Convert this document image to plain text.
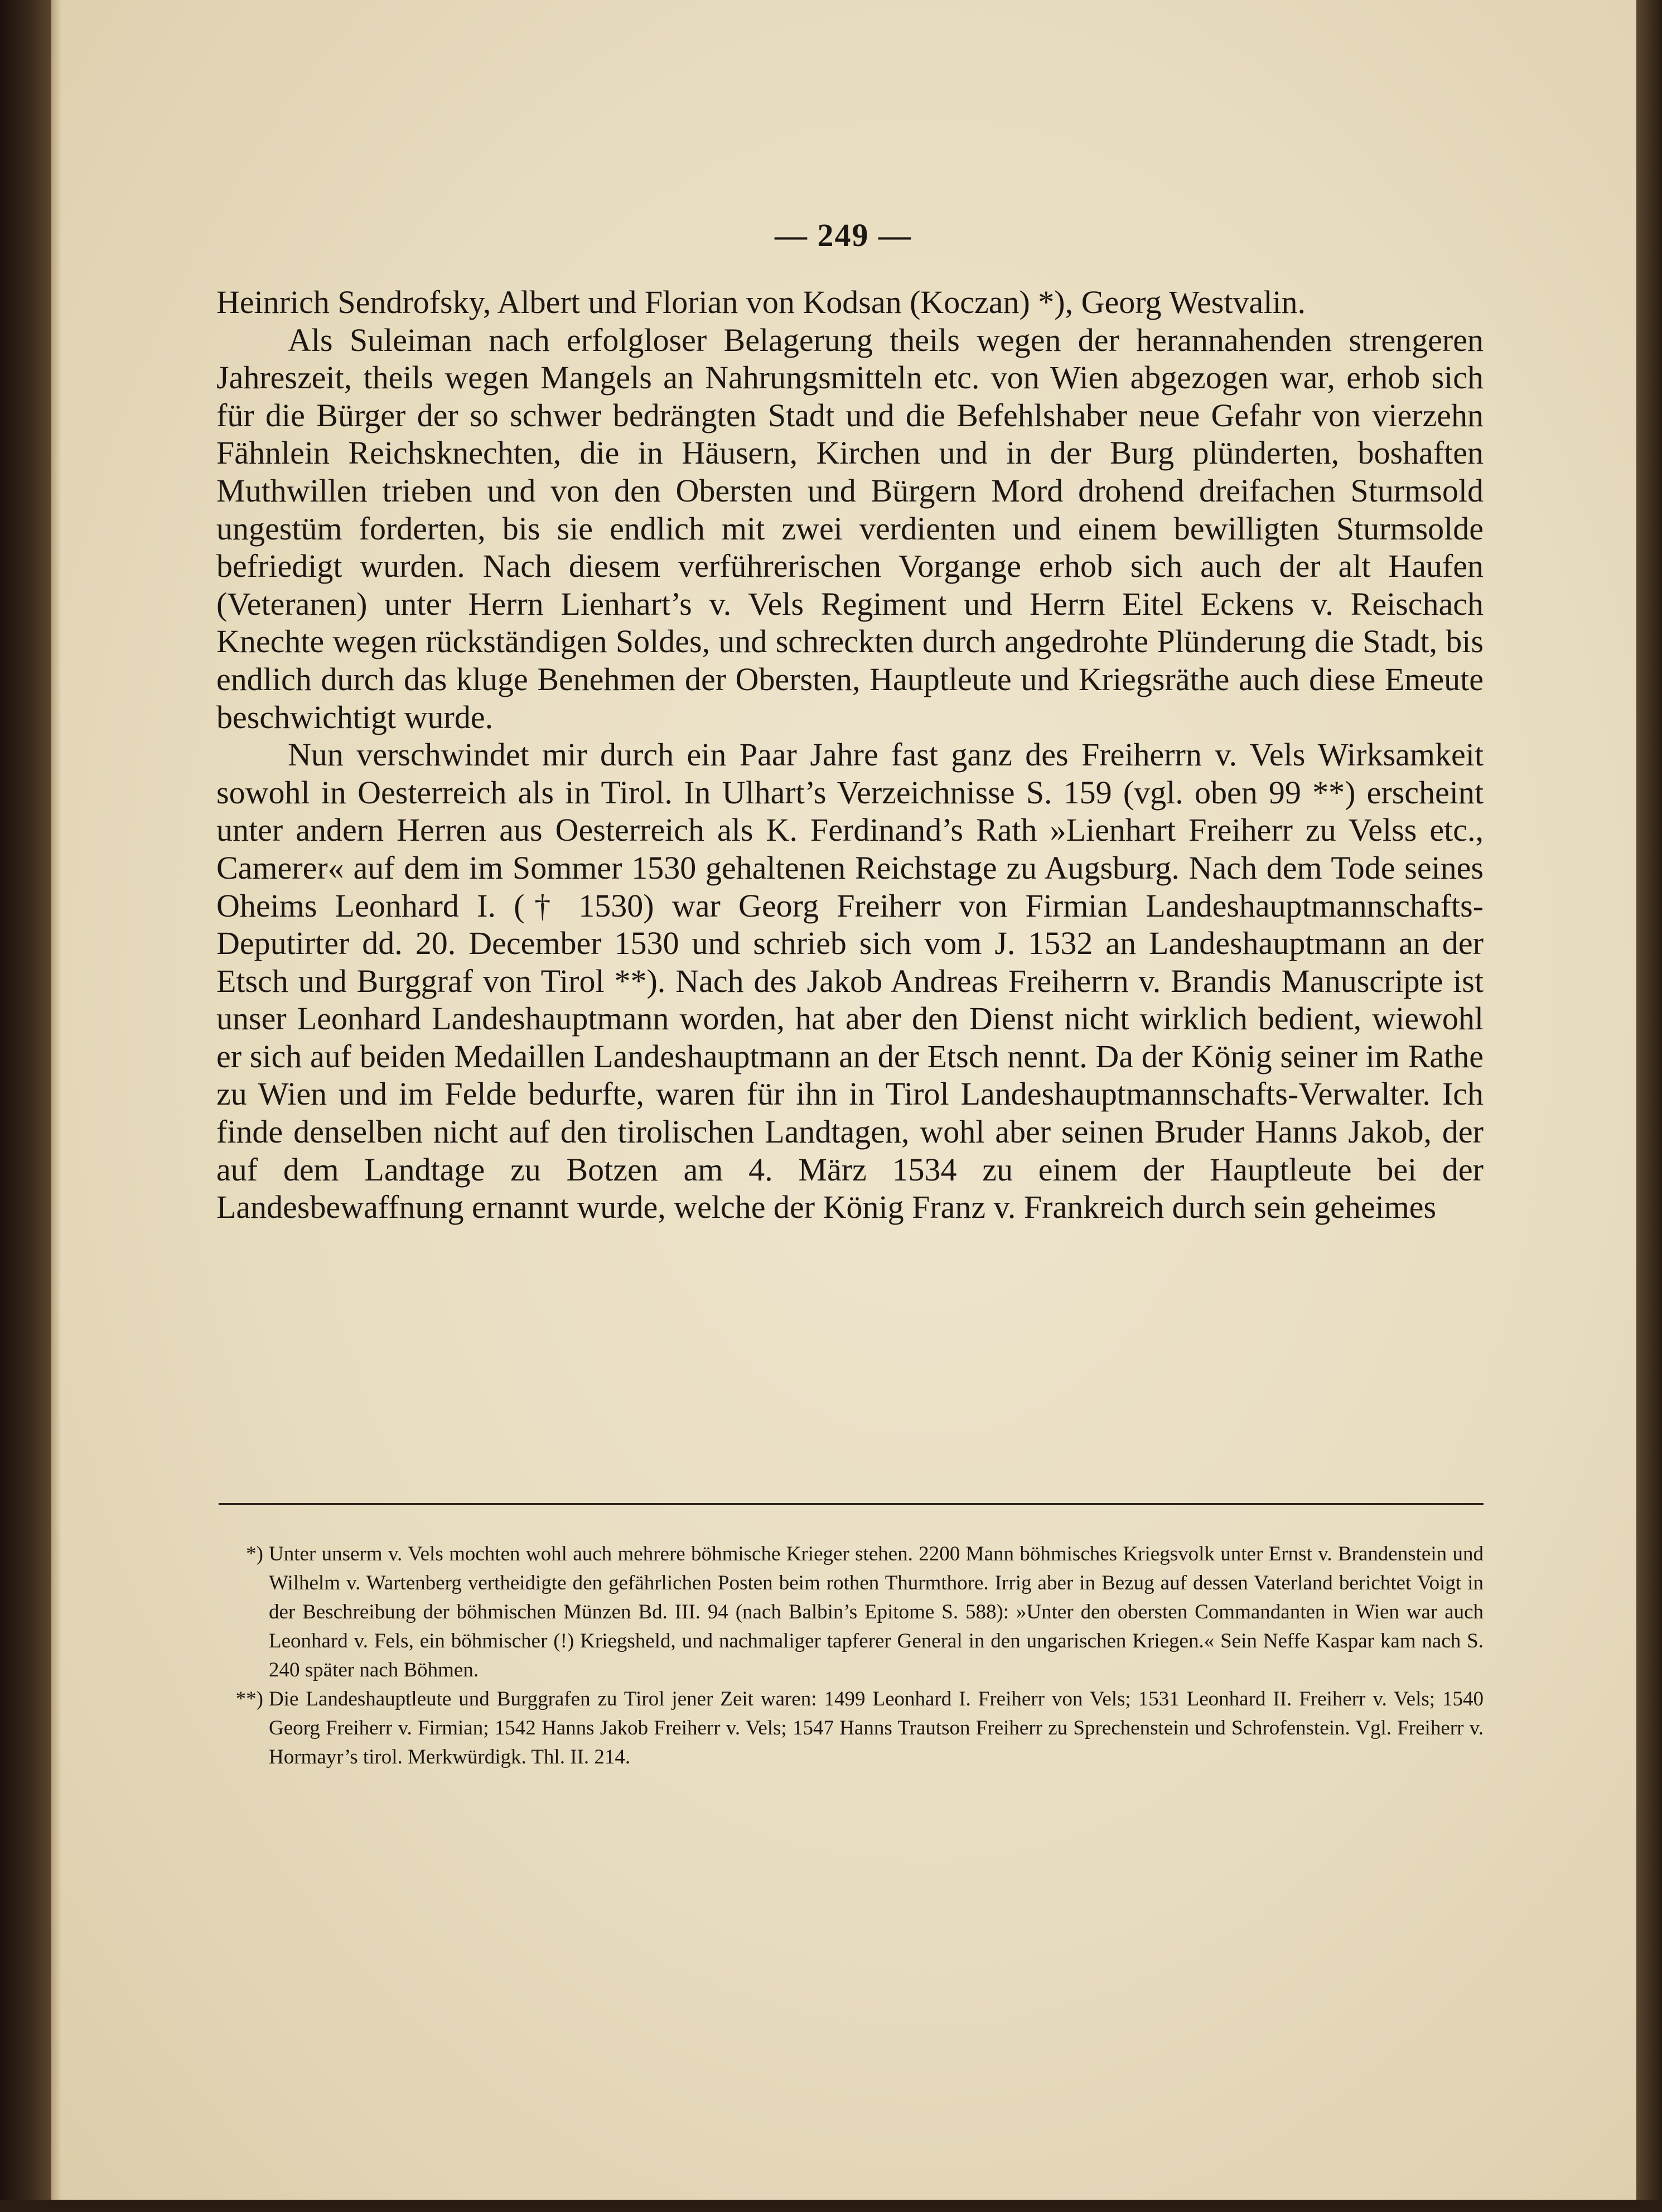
— 249 —

Heinrich Sendrofsky, Albert und Florian von Kodsan (Koczan) *), Georg Westvalin.

Als Suleiman nach erfolgloser Belagerung theils wegen der herannahenden strengeren Jahreszeit, theils wegen Mangels an Nahrungsmitteln etc. von Wien abgezogen war, erhob sich für die Bürger der so schwer bedrängten Stadt und die Befehlshaber neue Gefahr von vierzehn Fähnlein Reichsknechten, die in Häusern, Kirchen und in der Burg plünderten, boshaften Muthwillen trieben und von den Obersten und Bürgern Mord drohend dreifachen Sturmsold ungestüm forderten, bis sie endlich mit zwei verdienten und einem bewilligten Sturmsolde befriedigt wurden. Nach diesem verführerischen Vorgange erhob sich auch der alt Haufen (Veteranen) unter Herrn Lienhart’s v. Vels Regiment und Herrn Eitel Eckens v. Reischach Knechte wegen rückständigen Soldes, und schreckten durch angedrohte Plünderung die Stadt, bis endlich durch das kluge Benehmen der Obersten, Hauptleute und Kriegsräthe auch diese Emeute beschwichtigt wurde.

Nun verschwindet mir durch ein Paar Jahre fast ganz des Freiherrn v. Vels Wirksamkeit sowohl in Oesterreich als in Tirol. In Ulhart’s Verzeichnisse S. 159 (vgl. oben 99 **) erscheint unter andern Herren aus Oesterreich als K. Ferdinand’s Rath »Lienhart Freiherr zu Velss etc., Camerer« auf dem im Sommer 1530 gehaltenen Reichstage zu Augsburg. Nach dem Tode seines Oheims Leonhard I. († 1530) war Georg Freiherr von Firmian Landeshauptmannschafts-Deputirter dd. 20. December 1530 und schrieb sich vom J. 1532 an Landeshauptmann an der Etsch und Burggraf von Tirol **). Nach des Jakob Andreas Freiherrn v. Brandis Manuscripte ist unser Leonhard Landeshauptmann worden, hat aber den Dienst nicht wirklich bedient, wiewohl er sich auf beiden Medaillen Landeshauptmann an der Etsch nennt. Da der König seiner im Rathe zu Wien und im Felde bedurfte, waren für ihn in Tirol Landeshauptmannschafts-Verwalter. Ich finde denselben nicht auf den tirolischen Landtagen, wohl aber seinen Bruder Hanns Jakob, der auf dem Landtage zu Botzen am 4. März 1534 zu einem der Hauptleute bei der Landesbewaffnung ernannt wurde, welche der König Franz v. Frankreich durch sein geheimes

*) Unter unserm v. Vels mochten wohl auch mehrere böhmische Krieger stehen. 2200 Mann böhmisches Kriegsvolk unter Ernst v. Brandenstein und Wilhelm v. Wartenberg vertheidigte den gefährlichen Posten beim rothen Thurmthore. Irrig aber in Bezug auf dessen Vaterland berichtet Voigt in der Beschreibung der böhmischen Münzen Bd. III. 94 (nach Balbin’s Epitome S. 588): »Unter den obersten Commandanten in Wien war auch Leonhard v. Fels, ein böhmischer (!) Kriegsheld, und nachmaliger tapferer General in den ungarischen Kriegen.« Sein Neffe Kaspar kam nach S. 240 später nach Böhmen.

**) Die Landeshauptleute und Burggrafen zu Tirol jener Zeit waren: 1499 Leonhard I. Freiherr von Vels; 1531 Leonhard II. Freiherr v. Vels; 1540 Georg Freiherr v. Firmian; 1542 Hanns Jakob Freiherr v. Vels; 1547 Hanns Trautson Freiherr zu Sprechenstein und Schrofenstein. Vgl. Freiherr v. Hormayr’s tirol. Merkwürdigk. Thl. II. 214.
